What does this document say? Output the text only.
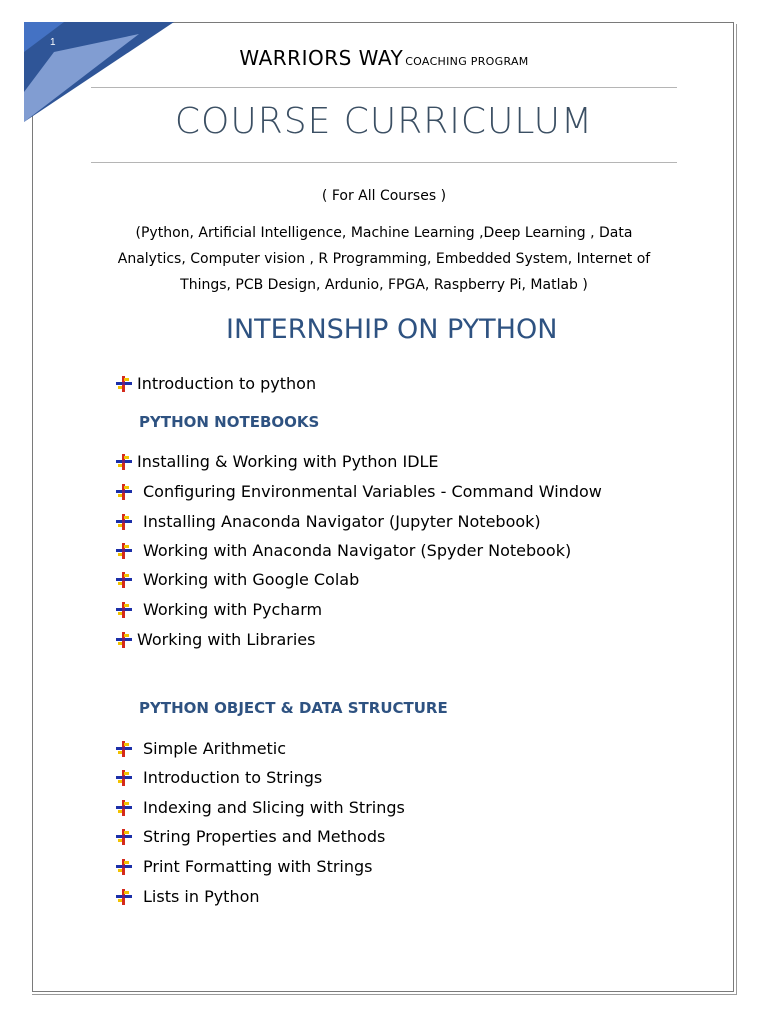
1
WARRIORS WAY COACHING PROGRAM
COURSE CURRICULUM
( For All Courses )
(Python, Artificial Intelligence, Machine Learning ,Deep Learning , Data Analytics, Computer vision , R Programming, Embedded System, Internet of Things, PCB Design, Ardunio, FPGA, Raspberry Pi, Matlab )
INTERNSHIP ON PYTHON
Introduction to python
PYTHON NOTEBOOKS
Installing & Working with Python IDLE
Configuring Environmental Variables - Command Window
Installing Anaconda Navigator (Jupyter Notebook)
Working with Anaconda Navigator (Spyder Notebook)
Working with Google Colab
Working with Pycharm
Working with Libraries
PYTHON OBJECT & DATA STRUCTURE
Simple Arithmetic
Introduction to Strings
Indexing and Slicing with Strings
String Properties and Methods
Print Formatting with Strings
Lists in Python
